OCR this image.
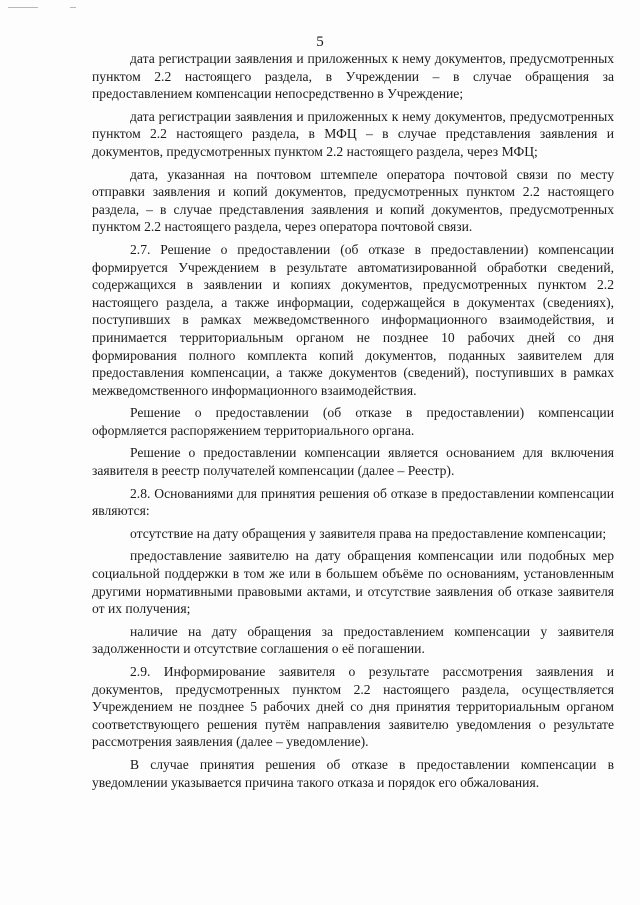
5

дата регистрации заявления и приложенных к нему документов, предусмотренных пунктом 2.2 настоящего раздела, в Учреждении – в случае обращения за предоставлением компенсации непосредственно в Учреждение;

дата регистрации заявления и приложенных к нему документов, предусмотренных пунктом 2.2 настоящего раздела, в МФЦ – в случае представления заявления и документов, предусмотренных пунктом 2.2 настоящего раздела, через МФЦ;

дата, указанная на почтовом штемпеле оператора почтовой связи по месту отправки заявления и копий документов, предусмотренных пунктом 2.2 настоящего раздела, – в случае представления заявления и копий документов, предусмотренных пунктом 2.2 настоящего раздела, через оператора почтовой связи.

2.7. Решение о предоставлении (об отказе в предоставлении) компенсации формируется Учреждением в результате автоматизированной обработки сведений, содержащихся в заявлении и копиях документов, предусмотренных пунктом 2.2 настоящего раздела, а также информации, содержащейся в документах (сведениях), поступивших в рамках межведомственного информационного взаимодействия, и принимается территориальным органом не позднее 10 рабочих дней со дня формирования полного комплекта копий документов, поданных заявителем для предоставления компенсации, а также документов (сведений), поступивших в рамках межведомственного информационного взаимодействия.

Решение о предоставлении (об отказе в предоставлении) компенсации оформляется распоряжением территориального органа.

Решение о предоставлении компенсации является основанием для включения заявителя в реестр получателей компенсации (далее – Реестр).

2.8. Основаниями для принятия решения об отказе в предоставлении компенсации являются:

отсутствие на дату обращения у заявителя права на предоставление компенсации;

предоставление заявителю на дату обращения компенсации или подобных мер социальной поддержки в том же или в большем объёме по основаниям, установленным другими нормативными правовыми актами, и отсутствие заявления об отказе заявителя от их получения;

наличие на дату обращения за предоставлением компенсации у заявителя задолженности и отсутствие соглашения о её погашении.

2.9. Информирование заявителя о результате рассмотрения заявления и документов, предусмотренных пунктом 2.2 настоящего раздела, осуществляется Учреждением не позднее 5 рабочих дней со дня принятия территориальным органом соответствующего решения путём направления заявителю уведомления о результате рассмотрения заявления (далее – уведомление).

В случае принятия решения об отказе в предоставлении компенсации в уведомлении указывается причина такого отказа и порядок его обжалования.
